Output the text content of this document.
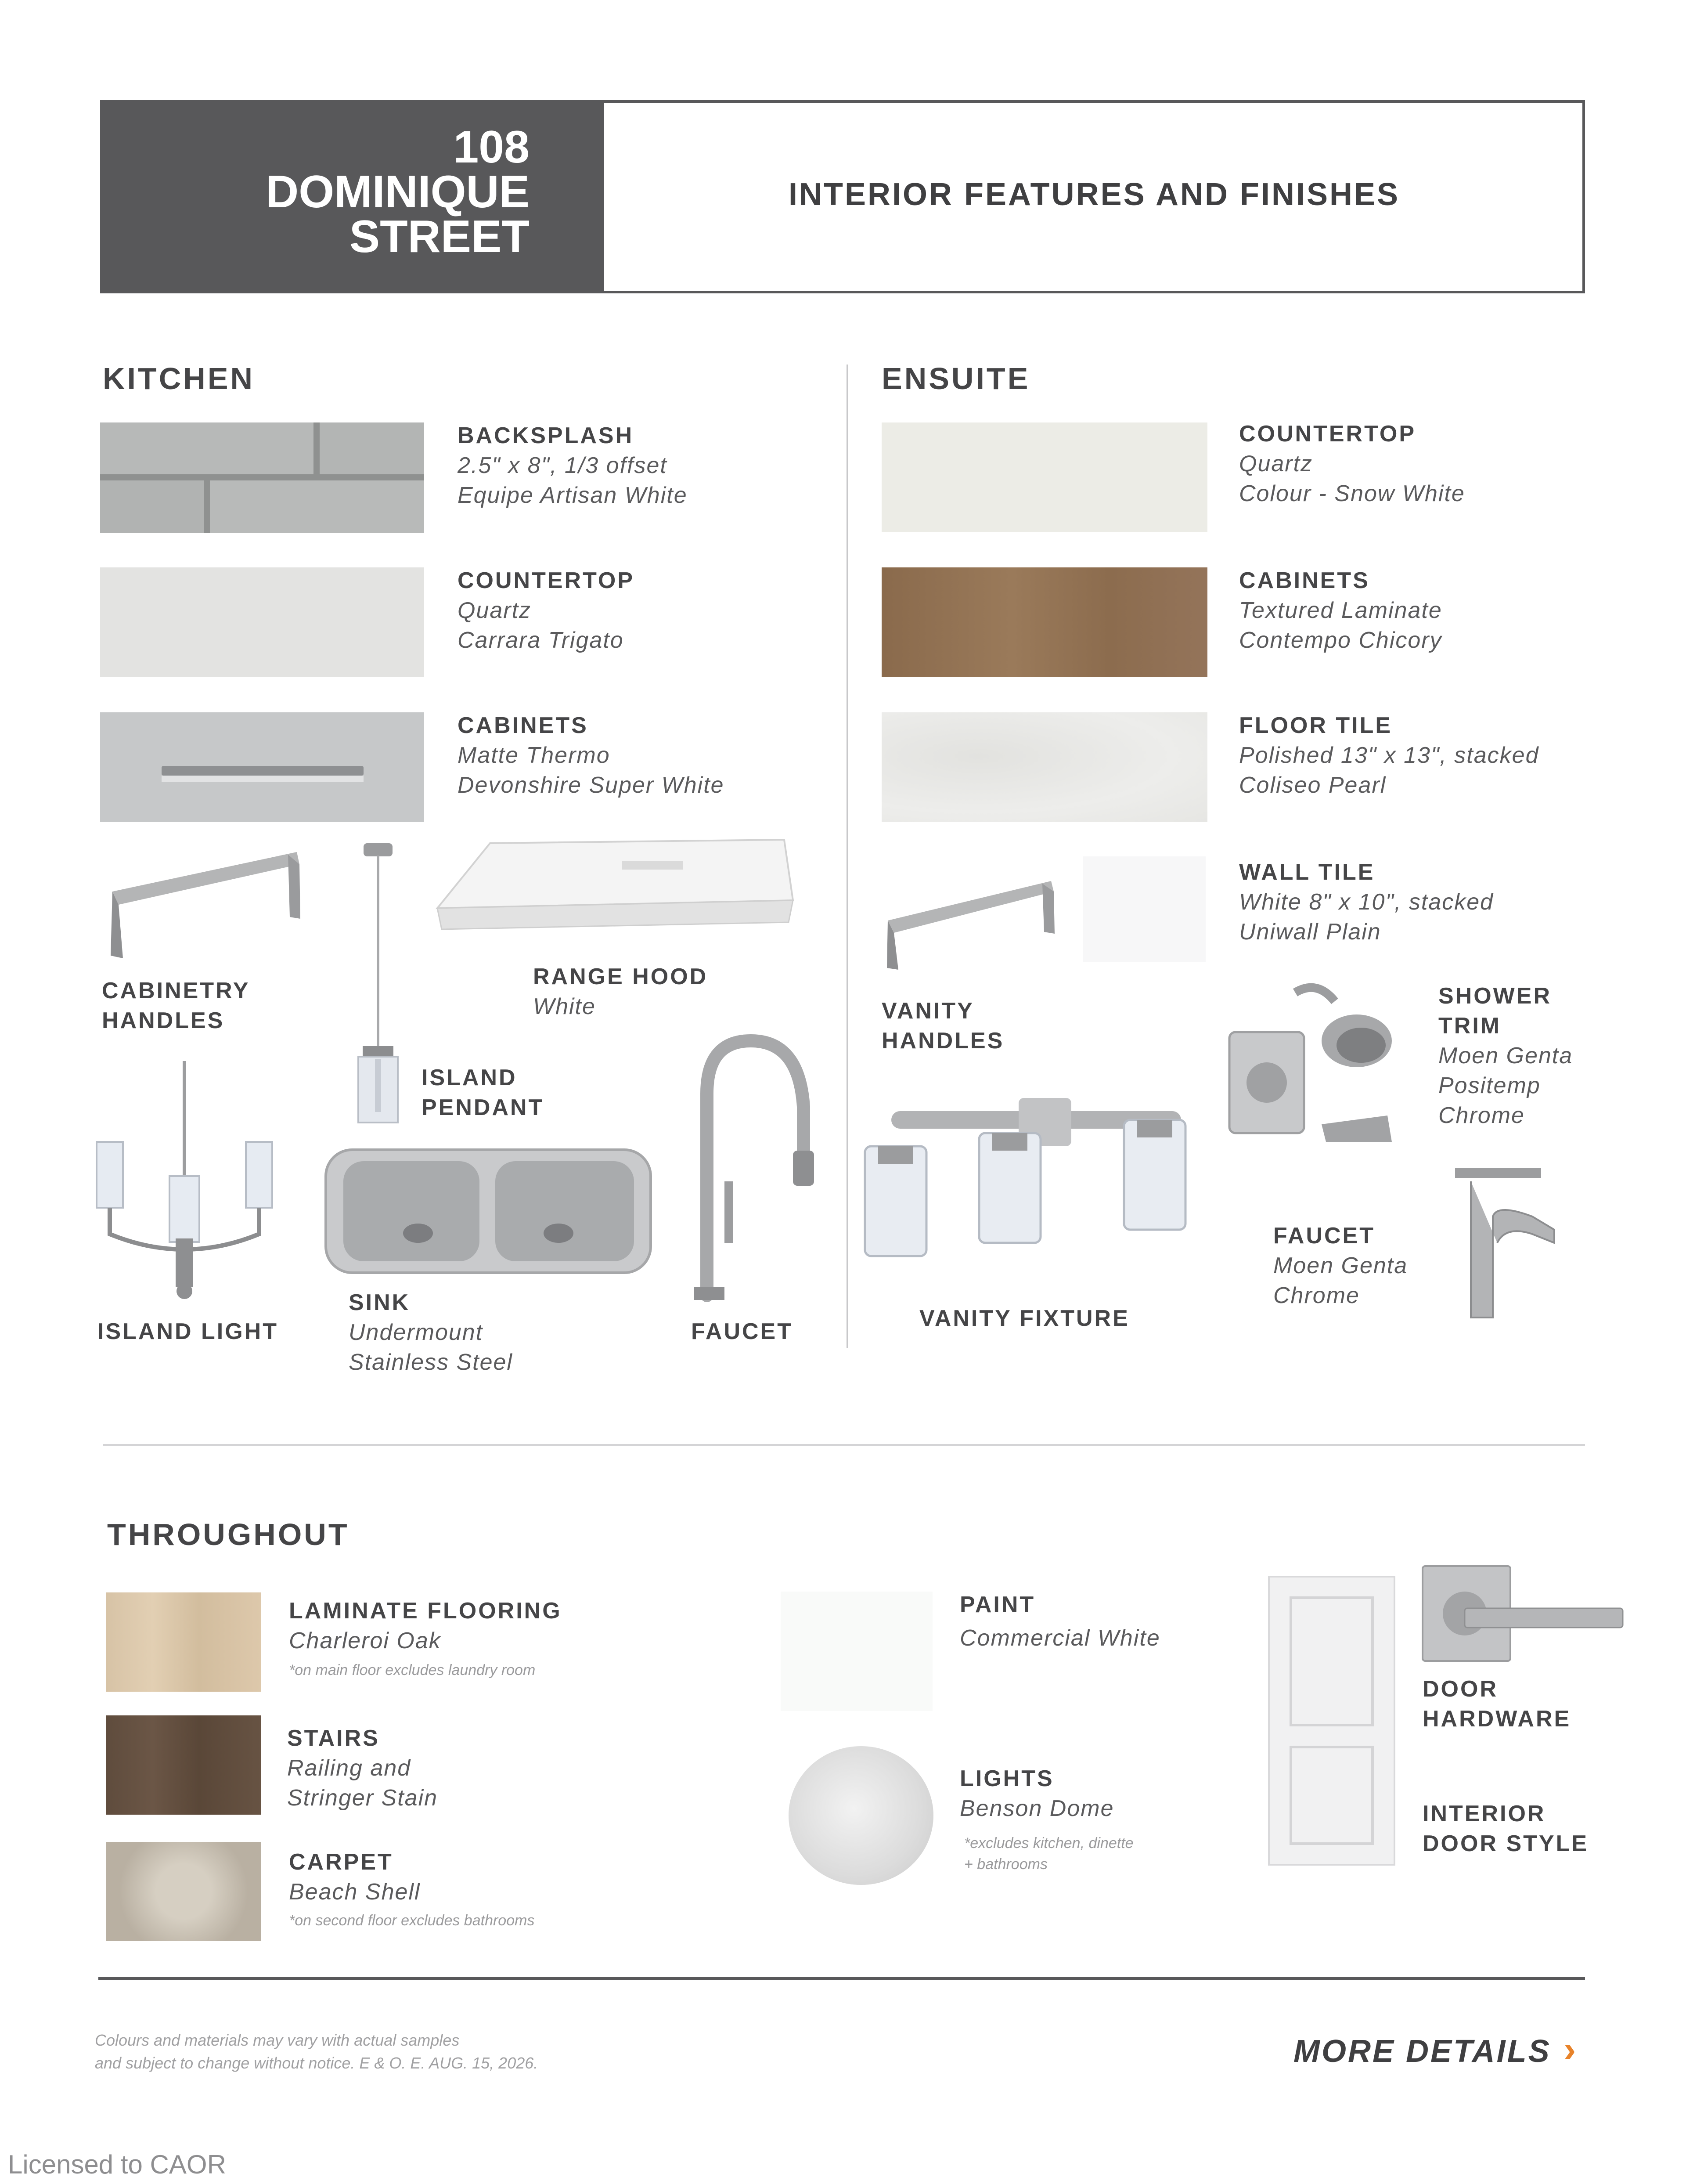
108
DOMINIQUE
STREET
INTERIOR FEATURES AND FINISHES
KITCHEN
BACKSPLASH
2.5" x 8", 1/3 offset
Equipe Artisan White
COUNTERTOP
Quartz
Carrara Trigato
CABINETS
Matte Thermo
Devonshire Super White
CABINETRY
HANDLES
ISLAND
PENDANT
RANGE HOOD
White
ISLAND LIGHT
SINK
Undermount
Stainless Steel
FAUCET
ENSUITE
COUNTERTOP
Quartz
Colour - Snow White
CABINETS
Textured Laminate
Contempo Chicory
FLOOR TILE
Polished 13" x 13", stacked
Coliseo Pearl
WALL TILE
White 8" x 10", stacked
Uniwall Plain
VANITY
HANDLES
SHOWER
TRIM
Moen Genta
Positemp
Chrome
VANITY FIXTURE
FAUCET
Moen Genta
Chrome
THROUGHOUT
LAMINATE FLOORING
Charleroi Oak
*on main floor excludes laundry room
STAIRS
Railing and
Stringer Stain
CARPET
Beach Shell
*on second floor excludes bathrooms
PAINT
Commercial White
LIGHTS
Benson Dome
*excludes kitchen, dinette
+ bathrooms
DOOR
HARDWARE
INTERIOR
DOOR STYLE
Colours and materials may vary with actual samples
and subject to change without notice. E & O. E. AUG. 15, 2026.	MORE DETAILS ›
Licensed to CAOR
